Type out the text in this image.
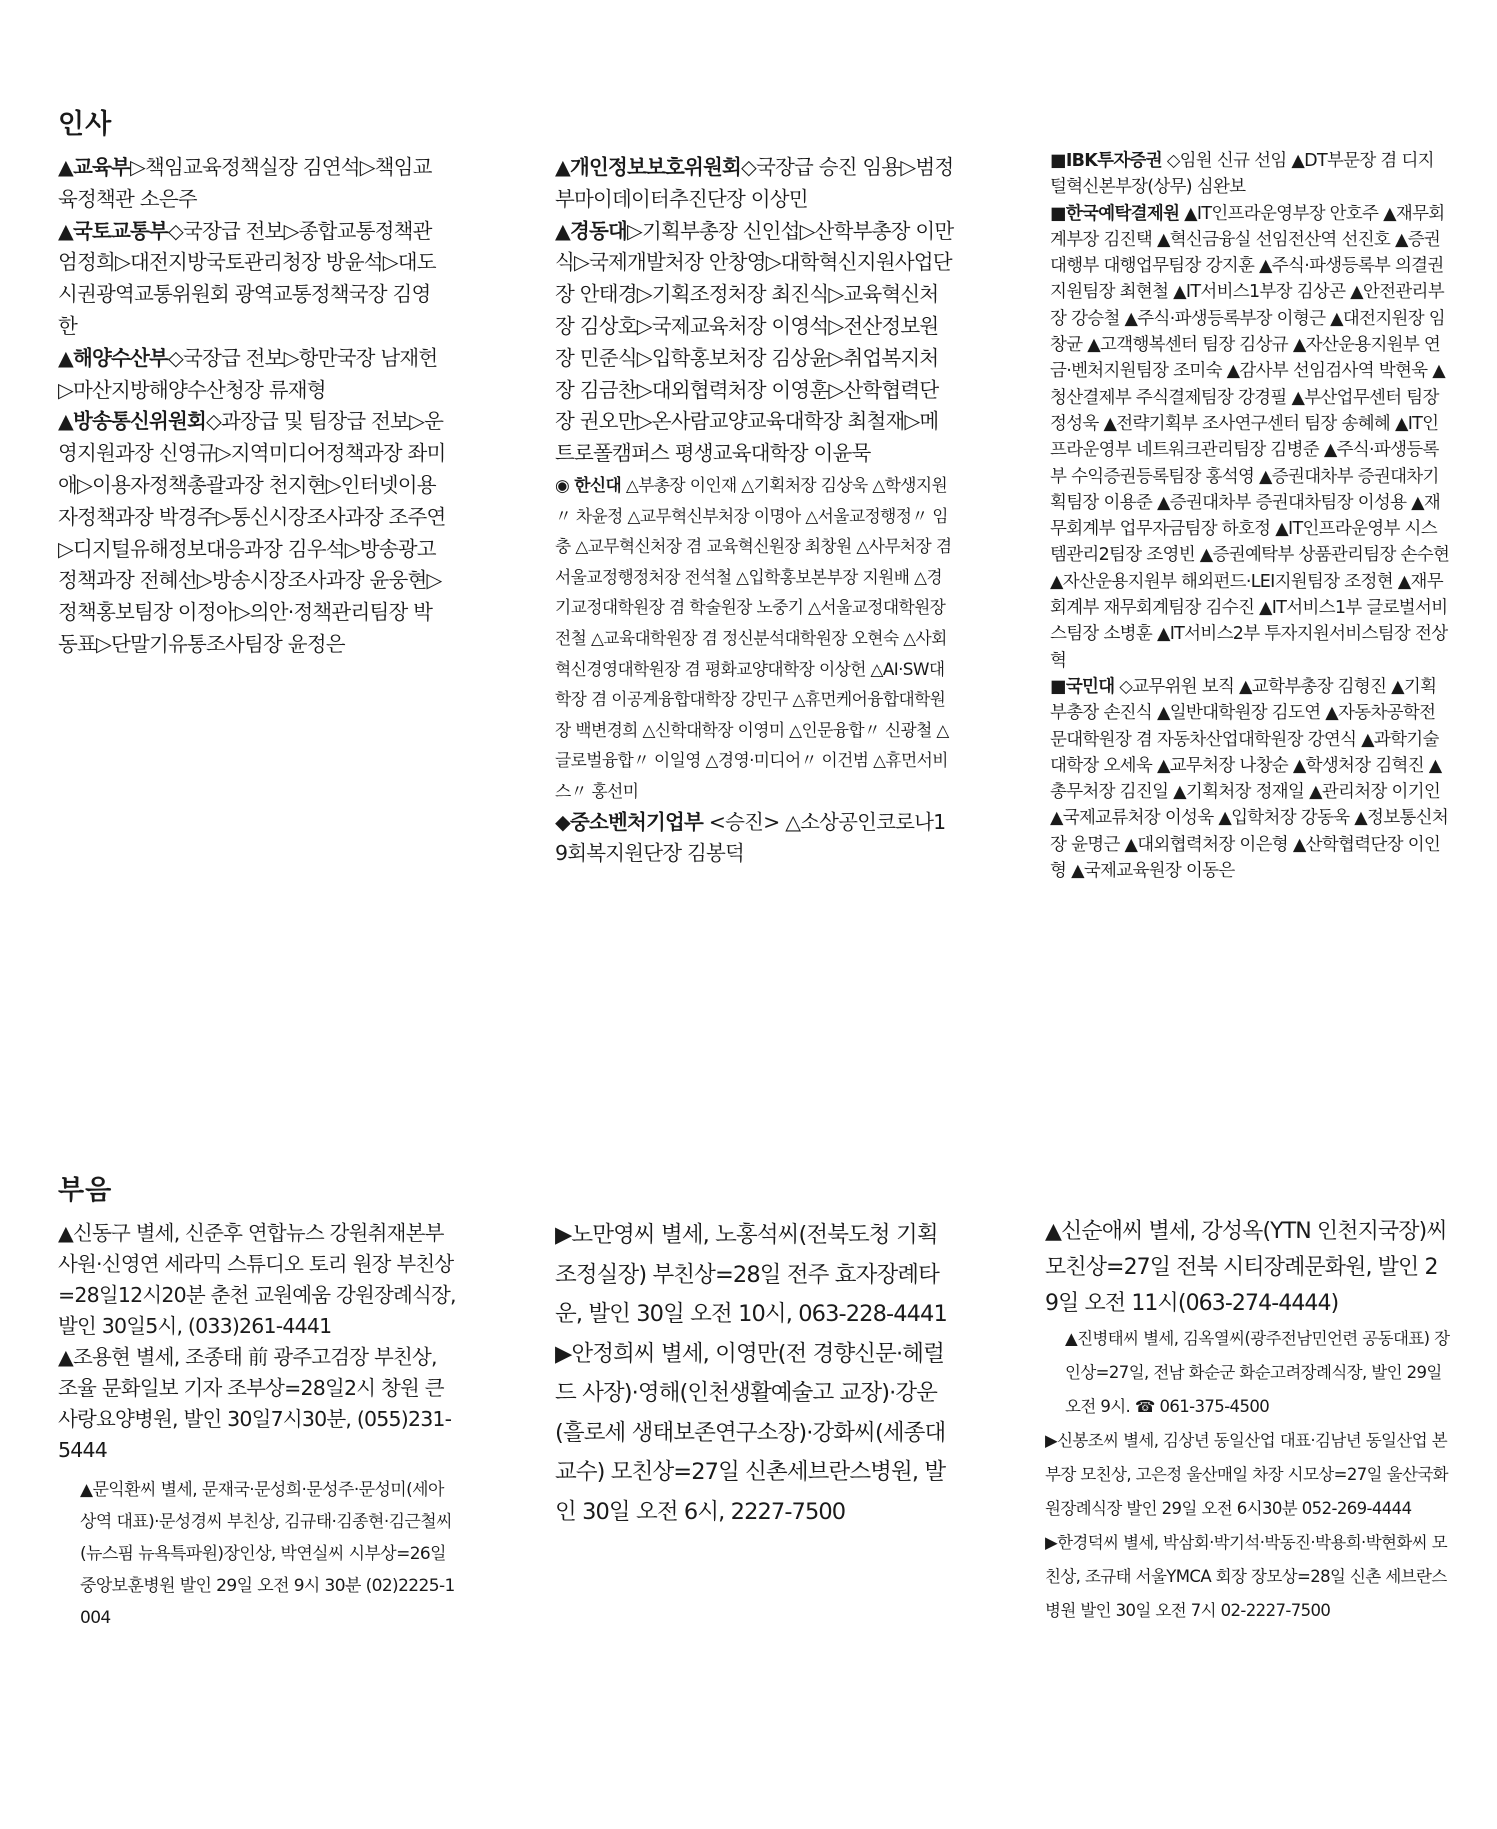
인사

▲교육부▷책임교육정책실장 김연석▷책임교육정책관 소은주

▲국토교통부◇국장급 전보▷종합교통정책관 엄정희▷대전지방국토관리청장 방윤석▷대도시권광역교통위원회 광역교통정책국장 김영한

▲해양수산부◇국장급 전보▷항만국장 남재헌▷마산지방해양수산청장 류재형

▲방송통신위원회◇과장급 및 팀장급 전보▷운영지원과장 신영규▷지역미디어정책과장 좌미애▷이용자정책총괄과장 천지현▷인터넷이용자정책과장 박경주▷통신시장조사과장 조주연▷디지털유해정보대응과장 김우석▷방송광고정책과장 전혜선▷방송시장조사과장 윤웅현▷정책홍보팀장 이정아▷의안·정책관리팀장 박동표▷단말기유통조사팀장 윤정은

▲개인정보보호위원회◇국장급 승진 임용▷범정부마이데이터추진단장 이상민

▲경동대▷기획부총장 신인섭▷산학부총장 이만식▷국제개발처장 안창영▷대학혁신지원사업단장 안태경▷기획조정처장 최진식▷교육혁신처장 김상호▷국제교육처장 이영석▷전산정보원장 민준식▷입학홍보처장 김상윤▷취업복지처장 김금찬▷대외협력처장 이영훈▷산학협력단장 권오만▷온사람교양교육대학장 최철재▷메트로폴캠퍼스 평생교육대학장 이윤묵

◉ 한신대 △부총장 이인재 △기획처장 김상욱 △학생지원〃 차윤정 △교무혁신부처장 이명아 △서울교정행정〃 임충 △교무혁신처장 겸 교육혁신원장 최창원 △사무처장 겸 서울교정행정처장 전석철 △입학홍보본부장 지원배 △경기교정대학원장 겸 학술원장 노중기 △서울교정대학원장 전철 △교육대학원장 겸 정신분석대학원장 오현숙 △사회혁신경영대학원장 겸 평화교양대학장 이상헌 △AI·SW대학장 겸 이공계융합대학장 강민구 △휴먼케어융합대학원장 백변경희 △신학대학장 이영미 △인문융합〃 신광철 △글로벌융합〃 이일영 △경영·미디어〃 이건범 △휴먼서비스〃 홍선미

◆중소벤처기업부 <승진> △소상공인코로나19회복지원단장 김봉덕

■IBK투자증권 ◇임원 신규 선임 ▲DT부문장 겸 디지털혁신본부장(상무) 심완보

■한국예탁결제원 ▲IT인프라운영부장 안호주 ▲재무회계부장 김진택 ▲혁신금융실 선임전산역 선진호 ▲증권대행부 대행업무팀장 강지훈 ▲주식·파생등록부 의결권지원팀장 최현철 ▲IT서비스1부장 김상곤 ▲안전관리부장 강승철 ▲주식·파생등록부장 이형근 ▲대전지원장 임창균 ▲고객행복센터 팀장 김상규 ▲자산운용지원부 연금·벤처지원팀장 조미숙 ▲감사부 선임검사역 박현욱 ▲청산결제부 주식결제팀장 강경필 ▲부산업무센터 팀장 정성욱 ▲전략기획부 조사연구센터 팀장 송혜혜 ▲IT인프라운영부 네트워크관리팀장 김병준 ▲주식·파생등록부 수익증권등록팀장 홍석영 ▲증권대차부 증권대차기획팀장 이용준 ▲증권대차부 증권대차팀장 이성용 ▲재무회계부 업무자금팀장 하호정 ▲IT인프라운영부 시스템관리2팀장 조영빈 ▲증권예탁부 상품관리팀장 손수현 ▲자산운용지원부 해외펀드·LEI지원팀장 조정현 ▲재무회계부 재무회계팀장 김수진 ▲IT서비스1부 글로벌서비스팀장 소병훈 ▲IT서비스2부 투자지원서비스팀장 전상혁

■국민대 ◇교무위원 보직 ▲교학부총장 김형진 ▲기획부총장 손진식 ▲일반대학원장 김도연 ▲자동차공학전문대학원장 겸 자동차산업대학원장 강연식 ▲과학기술대학장 오세욱 ▲교무처장 나창순 ▲학생처장 김혁진 ▲총무처장 김진일 ▲기획처장 정재일 ▲관리처장 이기인 ▲국제교류처장 이성욱 ▲입학처장 강동욱 ▲정보통신처장 윤명근 ▲대외협력처장 이은형 ▲산학협력단장 이인형 ▲국제교육원장 이동은

부음

▲신동구 별세, 신준후 연합뉴스 강원취재본부 사원·신영연 세라믹 스튜디오 토리 원장 부친상=28일12시20분 춘천 교원예움 강원장례식장, 발인 30일5시, (033)261-4441

▲조용현 별세, 조종태 前 광주고검장 부친상, 조율 문화일보 기자 조부상=28일2시 창원 큰사랑요양병원, 발인 30일7시30분, (055)231-5444

▲문익환씨 별세, 문재국·문성희·문성주·문성미(세아상역 대표)·문성경씨 부친상, 김규태·김종현·김근철씨(뉴스핌 뉴욕특파원)장인상, 박연실씨 시부상=26일 중앙보훈병원 발인 29일 오전 9시 30분 (02)2225-1004

▶노만영씨 별세, 노홍석씨(전북도청 기획조정실장) 부친상=28일 전주 효자장례타운, 발인 30일 오전 10시, 063-228-4441

▶안정희씨 별세, 이영만(전 경향신문·헤럴드 사장)·영해(인천생활예술고 교장)·강운(흘로세 생태보존연구소장)·강화씨(세종대 교수) 모친상=27일 신촌세브란스병원, 발인 30일 오전 6시, 2227-7500

▲신순애씨 별세, 강성옥(YTN 인천지국장)씨 모친상=27일 전북 시티장례문화원, 발인 29일 오전 11시(063-274-4444)

▲진병태씨 별세, 김옥열씨(광주전남민언련 공동대표) 장인상=27일, 전남 화순군 화순고려장례식장, 발인 29일 오전 9시. ☎ 061-375-4500

▶신봉조씨 별세, 김상년 동일산업 대표·김남년 동일산업 본부장 모친상, 고은정 울산매일 차장 시모상=27일 울산국화원장례식장 발인 29일 오전 6시30분 052-269-4444

▶한경덕씨 별세, 박삼회·박기석·박동진·박용희·박현화씨 모친상, 조규태 서울YMCA 회장 장모상=28일 신촌 세브란스병원 발인 30일 오전 7시 02-2227-7500
